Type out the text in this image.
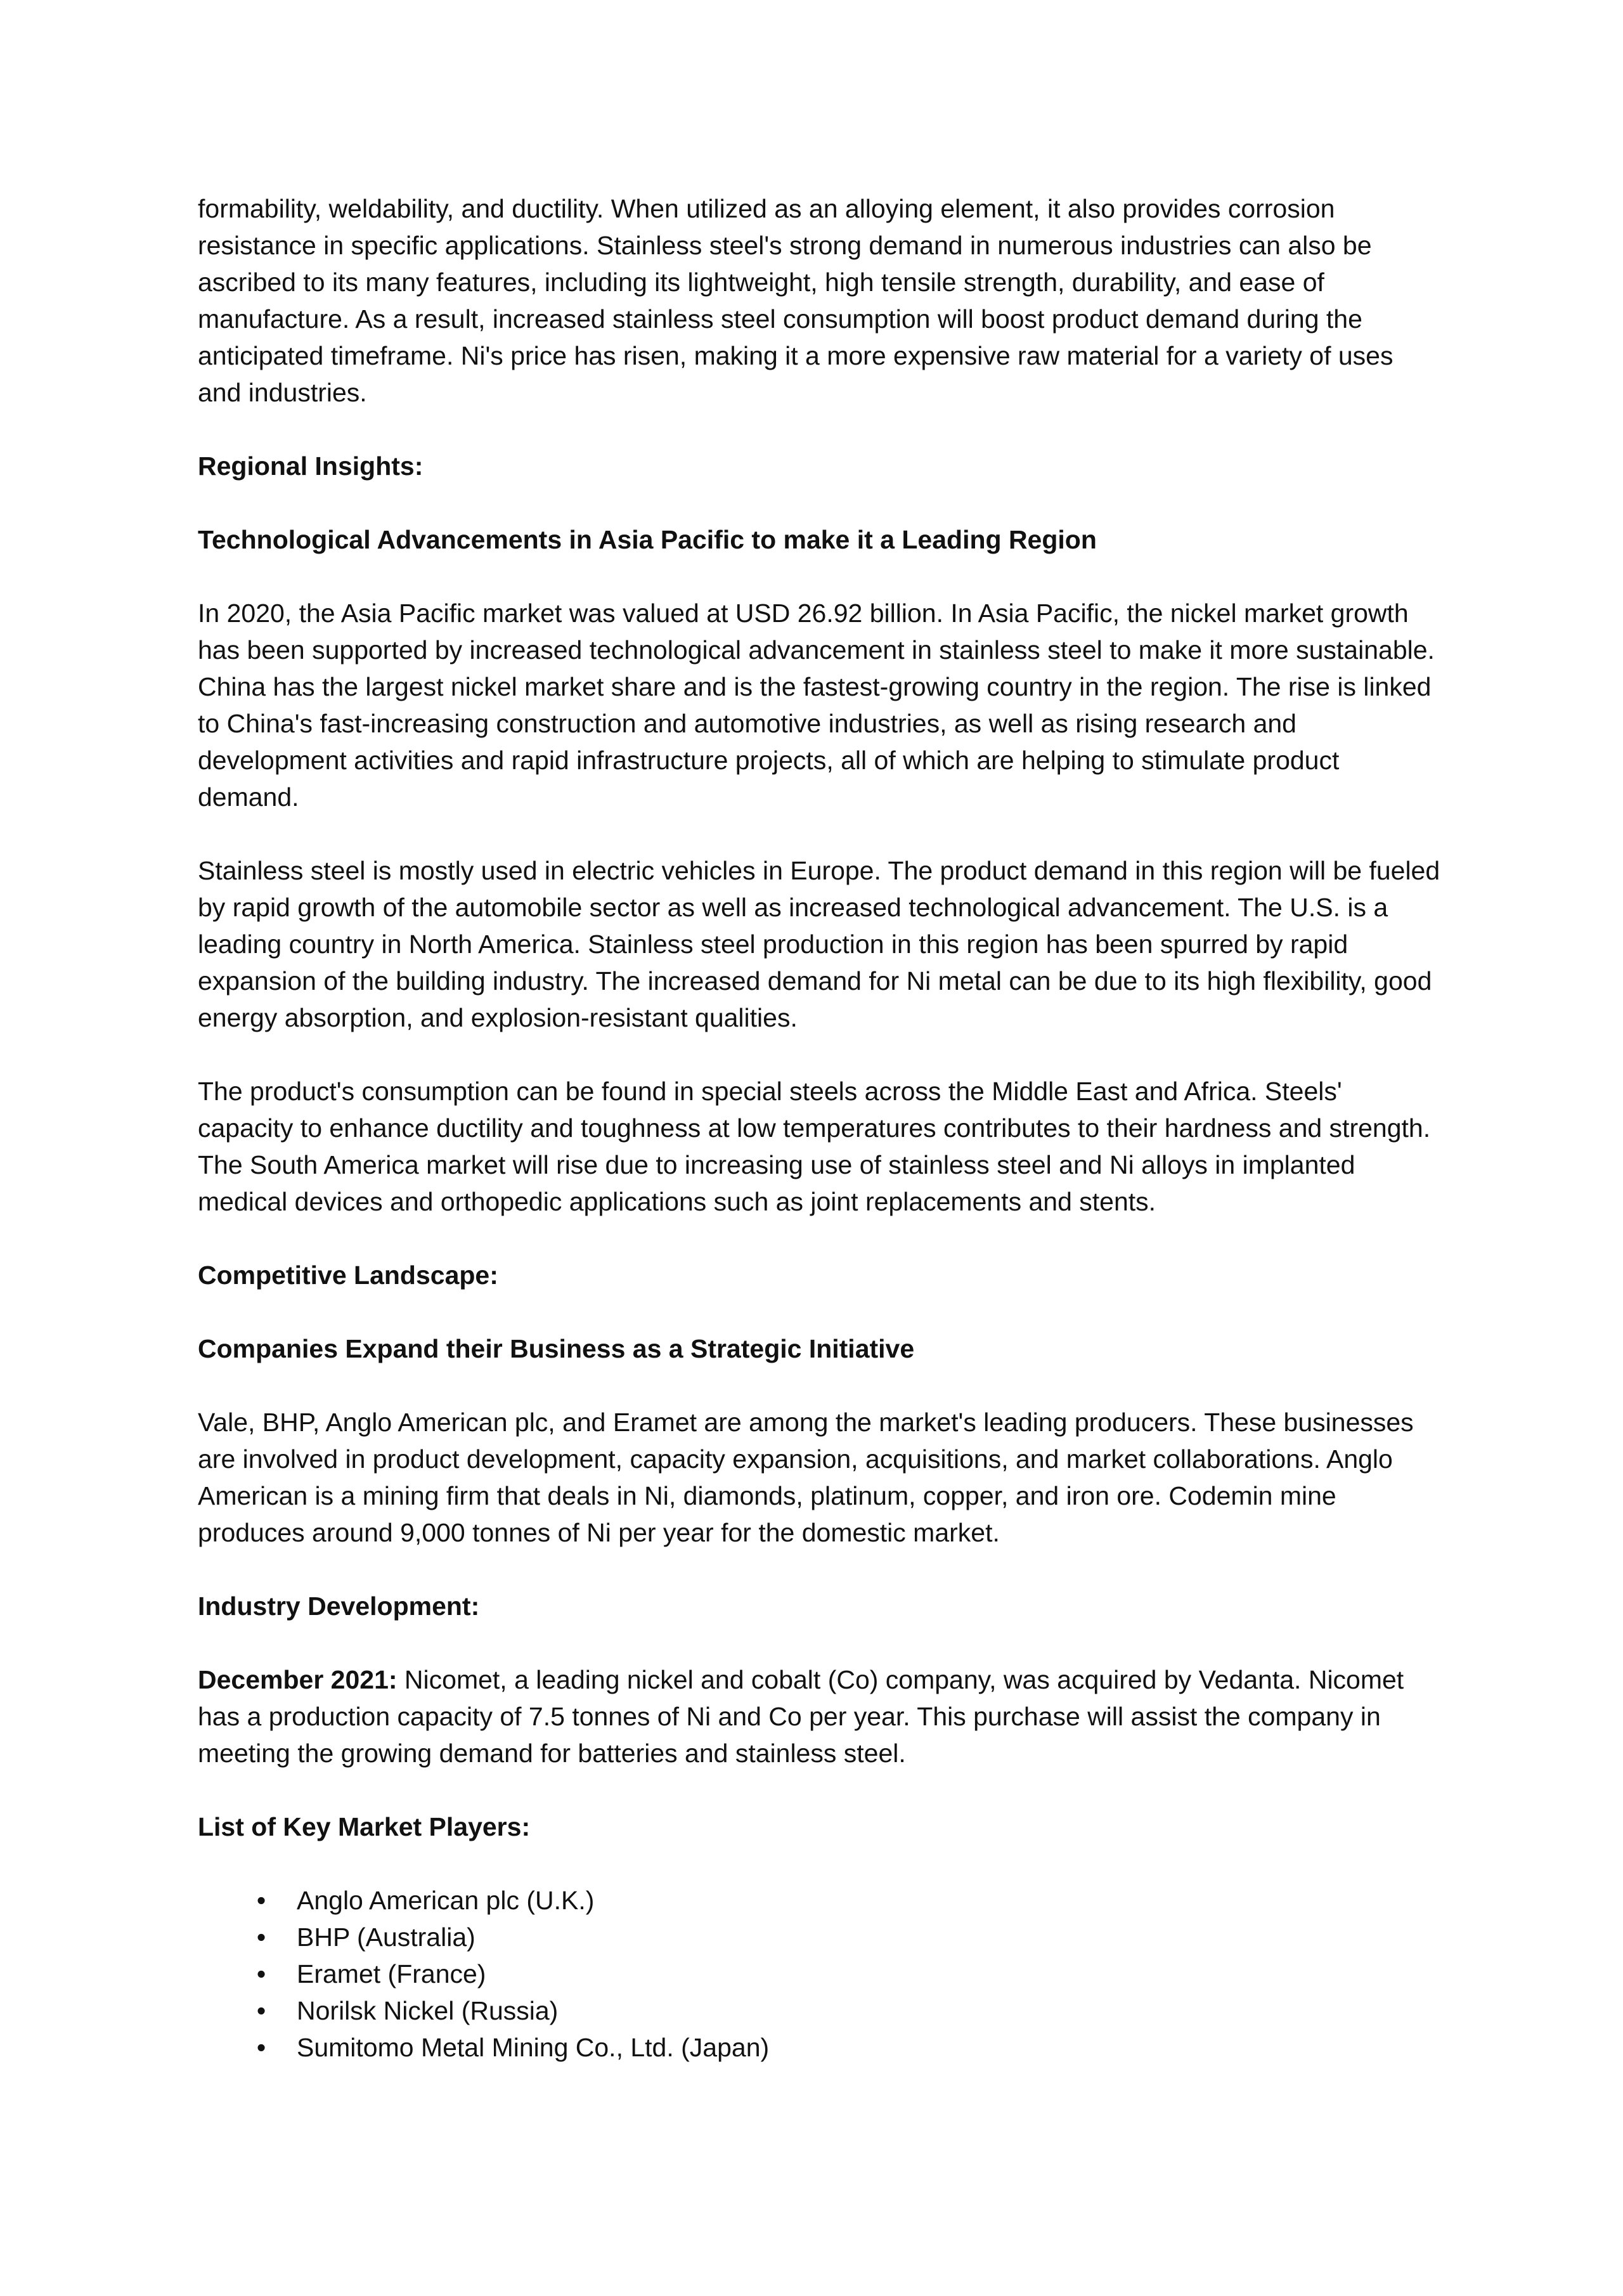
formability, weldability, and ductility. When utilized as an alloying element, it also provides corrosion resistance in specific applications. Stainless steel's strong demand in numerous industries can also be ascribed to its many features, including its lightweight, high tensile strength, durability, and ease of manufacture. As a result, increased stainless steel consumption will boost product demand during the anticipated timeframe. Ni's price has risen, making it a more expensive raw material for a variety of uses and industries.

Regional Insights:
Technological Advancements in Asia Pacific to make it a Leading Region

In 2020, the Asia Pacific market was valued at USD 26.92 billion. In Asia Pacific, the nickel market growth has been supported by increased technological advancement in stainless steel to make it more sustainable. China has the largest nickel market share and is the fastest-growing country in the region. The rise is linked to China's fast-increasing construction and automotive industries, as well as rising research and development activities and rapid infrastructure projects, all of which are helping to stimulate product demand.

Stainless steel is mostly used in electric vehicles in Europe. The product demand in this region will be fueled by rapid growth of the automobile sector as well as increased technological advancement. The U.S. is a leading country in North America. Stainless steel production in this region has been spurred by rapid expansion of the building industry. The increased demand for Ni metal can be due to its high flexibility, good energy absorption, and explosion-resistant qualities.

The product's consumption can be found in special steels across the Middle East and Africa. Steels' capacity to enhance ductility and toughness at low temperatures contributes to their hardness and strength. The South America market will rise due to increasing use of stainless steel and Ni alloys in implanted medical devices and orthopedic applications such as joint replacements and stents.

Competitive Landscape:
Companies Expand their Business as a Strategic Initiative

Vale, BHP, Anglo American plc, and Eramet are among the market's leading producers. These businesses are involved in product development, capacity expansion, acquisitions, and market collaborations. Anglo American is a mining firm that deals in Ni, diamonds, platinum, copper, and iron ore. Codemin mine produces around 9,000 tonnes of Ni per year for the domestic market.

Industry Development:

December 2021: Nicomet, a leading nickel and cobalt (Co) company, was acquired by Vedanta. Nicomet has a production capacity of 7.5 tonnes of Ni and Co per year. This purchase will assist the company in meeting the growing demand for batteries and stainless steel.

List of Key Market Players:
•	Anglo American plc (U.K.)
•	BHP (Australia)
•	Eramet (France)
•	Norilsk Nickel (Russia)
•	Sumitomo Metal Mining Co., Ltd. (Japan)
